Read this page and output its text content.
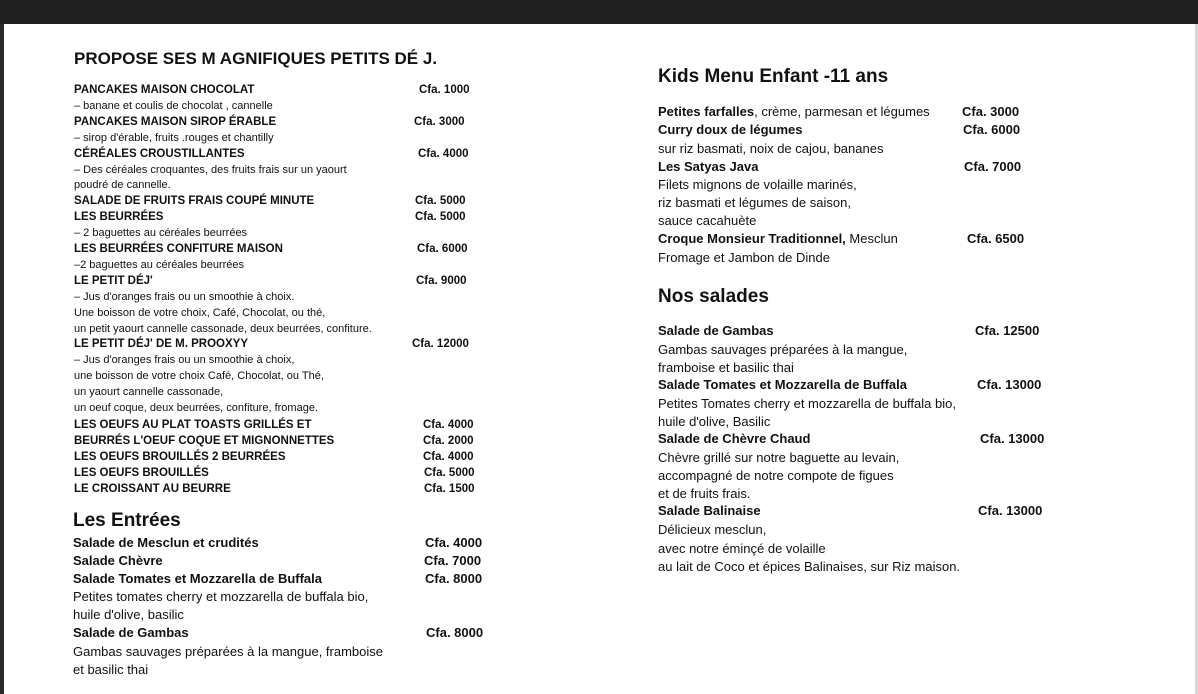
PROPOSE SES M AGNIFIQUES PETITS DÉ J.
PANCAKES MAISON CHOCOLAT	Cfa. 1000
– banane et coulis de chocolat , cannelle
PANCAKES MAISON SIROP ÉRABLE	Cfa. 3000
– sirop d'érable, fruits .rouges et chantilly
CÉRÉALES CROUSTILLANTES	Cfa. 4000
– Des céréales croquantes, des fruits frais sur un yaourt
poudré de cannelle.
SALADE DE FRUITS FRAIS COUPÉ MINUTE	Cfa. 5000
LES BEURRÉES	Cfa. 5000
– 2 baguettes au céréales beurrées
LES BEURRÉES CONFITURE MAISON	Cfa. 6000
–2 baguettes au céréales beurrées
LE PETIT DÉJ'	Cfa. 9000
– Jus d'oranges frais ou un smoothie à choix.
Une boisson de votre choix, Café, Chocolat, ou thé,
un petit yaourt cannelle cassonade, deux beurrées, confiture.
LE PETIT DÉJ' DE M. PROOXYY	Cfa. 12000
– Jus d'oranges frais ou un smoothie à choix,
une boisson de votre choix Café, Chocolat, ou Thé,
un yaourt cannelle cassonade,
un oeuf coque, deux beurrées, confiture, fromage.
LES OEUFS AU PLAT TOASTS GRILLÉS ET	Cfa. 4000
BEURRÉS L'OEUF COQUE ET MIGNONNETTES	Cfa. 2000
LES OEUFS BROUILLÉS 2 BEURRÉES	Cfa. 4000
LES OEUFS BROUILLÉS	Cfa. 5000
LE CROISSANT AU BEURRE	Cfa. 1500
Les Entrées
Salade de Mesclun et crudités	Cfa. 4000
Salade Chèvre	Cfa. 7000
Salade Tomates et Mozzarella de Buffala	Cfa. 8000
Petites tomates cherry et mozzarella de buffala bio,
huile d'olive, basilic
Salade de Gambas	Cfa. 8000
Gambas sauvages préparées à la mangue, framboise
et basilic thai
Kids Menu Enfant -11 ans
Petites farfalles, crème, parmesan et légumes Cfa. 3000
Curry doux de légumes	Cfa. 6000
sur riz basmati, noix de cajou, bananes
Les Satyas Java	Cfa. 7000
Filets mignons de volaille marinés,
riz basmati et légumes de saison,
sauce cacahuète
Croque Monsieur Traditionnel, Mesclun	Cfa. 6500
Fromage et Jambon de Dinde
Nos salades
Salade de Gambas	Cfa. 12500
Gambas sauvages préparées à la mangue,
framboise et basilic thai
Salade Tomates et Mozzarella de Buffala	Cfa. 13000
Petites Tomates cherry et mozzarella de buffala bio,
huile d'olive, Basilic
Salade de Chèvre Chaud	Cfa. 13000
Chèvre grillé sur notre baguette au levain,
accompagné de notre compote de figues
et de fruits frais.
Salade Balinaise	Cfa. 13000
Délicieux mesclun,
avec notre éminçé de volaille
au lait de Coco et épices Balinaises, sur Riz maison.
